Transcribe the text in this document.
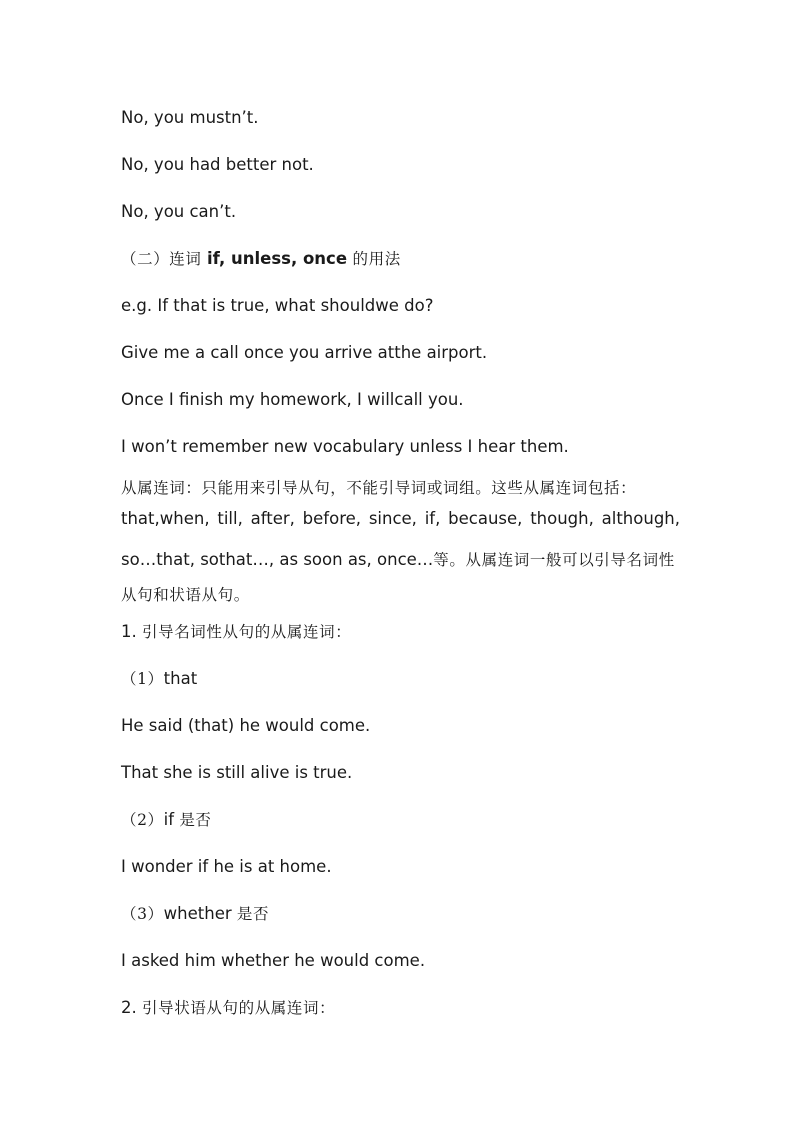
No, you mustn’t.
No, you had better not.
No, you can’t.
（二）连词 if, unless, once 的用法
e.g. If that is true, what shouldwe do?
Give me a call once you arrive atthe airport.
Once I finish my homework, I willcall you.
I won’t remember new vocabulary unless I hear them.
从属连词：只能用来引导从句，不能引导词或词组。这些从属连词包括：
that,when, till, after, before, since, if, because, though, although,
so…that, sothat…, as soon as, once…等。从属连词一般可以引导名词性
从句和状语从句。
1. 引导名词性从句的从属连词：
（1）that
He said (that) he would come.
That she is still alive is true.
（2）if 是否
I wonder if he is at home.
（3）whether 是否
I asked him whether he would come.
2. 引导状语从句的从属连词：
